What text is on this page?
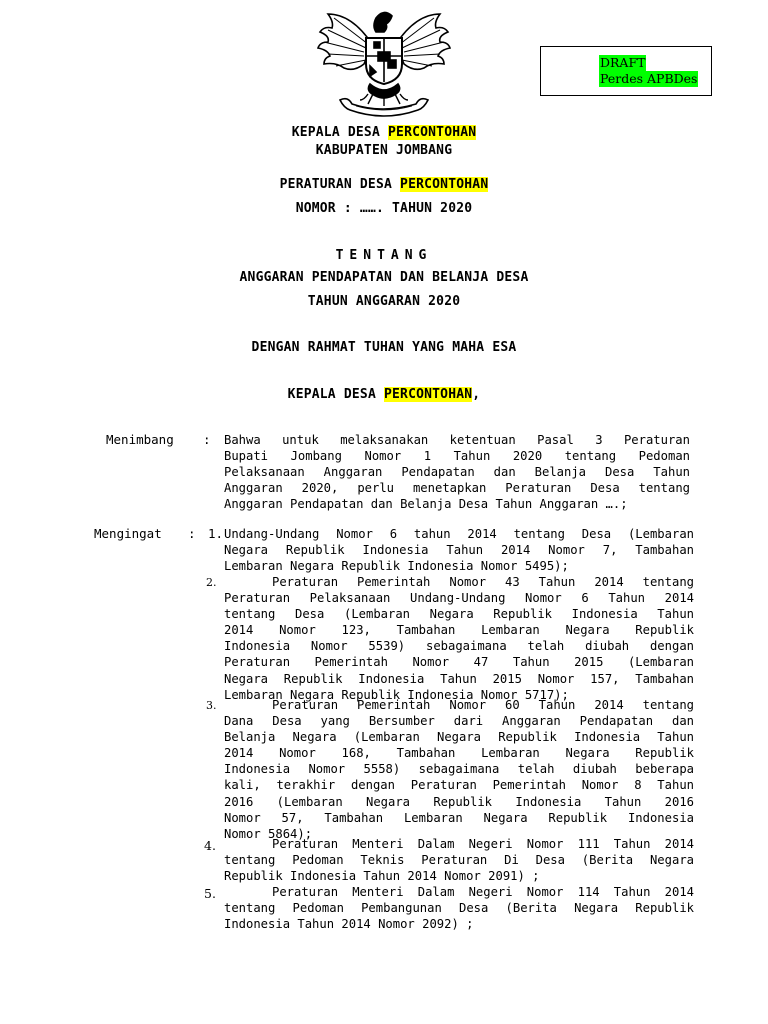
DRAFT
Perdes APBDes
KEPALA DESA PERCONTOHAN
KABUPATEN JOMBANG
PERATURAN DESA PERCONTOHAN
NOMOR : ……. TAHUN 2020
TENTANG
ANGGARAN PENDAPATAN DAN BELANJA DESA
TAHUN ANGGARAN 2020
DENGAN RAHMAT TUHAN YANG MAHA ESA
KEPALA DESA PERCONTOHAN,
Menimbang : Bahwa untuk melaksanakan ketentuan Pasal 3 Peraturan
Bupati Jombang Nomor 1 Tahun 2020 tentang Pedoman
Pelaksanaan Anggaran Pendapatan dan Belanja Desa Tahun
Anggaran 2020, perlu menetapkan Peraturan Desa tentang
Anggaran Pendapatan dan Belanja Desa Tahun Anggaran ….;
Mengingat : 1. Undang-Undang Nomor 6 tahun 2014 tentang Desa (Lembaran
Negara Republik Indonesia Tahun 2014 Nomor 7, Tambahan
Lembaran Negara Republik Indonesia Nomor 5495);
2.	Peraturan Pemerintah Nomor 43 Tahun 2014 tentang
Peraturan Pelaksanaan Undang-Undang Nomor 6 Tahun 2014
tentang Desa (Lembaran Negara Republik Indonesia Tahun
2014 Nomor 123, Tambahan Lembaran Negara Republik
Indonesia Nomor 5539) sebagaimana telah diubah dengan
Peraturan Pemerintah Nomor 47 Tahun 2015 (Lembaran
Negara Republik Indonesia Tahun 2015 Nomor 157, Tambahan
Lembaran Negara Republik Indonesia Nomor 5717);
3.	Peraturan Pemerintah Nomor 60 Tahun 2014 tentang
Dana Desa yang Bersumber dari Anggaran Pendapatan dan
Belanja Negara (Lembaran Negara Republik Indonesia Tahun
2014 Nomor 168, Tambahan Lembaran Negara Republik
Indonesia Nomor 5558) sebagaimana telah diubah beberapa
kali, terakhir dengan Peraturan Pemerintah Nomor 8 Tahun
2016 (Lembaran Negara Republik Indonesia Tahun 2016
Nomor 57, Tambahan Lembaran Negara Republik Indonesia
Nomor 5864);
4.	Peraturan Menteri Dalam Negeri Nomor 111 Tahun 2014
tentang Pedoman Teknis Peraturan Di Desa (Berita Negara
Republik Indonesia Tahun 2014 Nomor 2091) ;
5.	Peraturan Menteri Dalam Negeri Nomor 114 Tahun 2014
tentang Pedoman Pembangunan Desa (Berita Negara Republik
Indonesia Tahun 2014 Nomor 2092) ;
